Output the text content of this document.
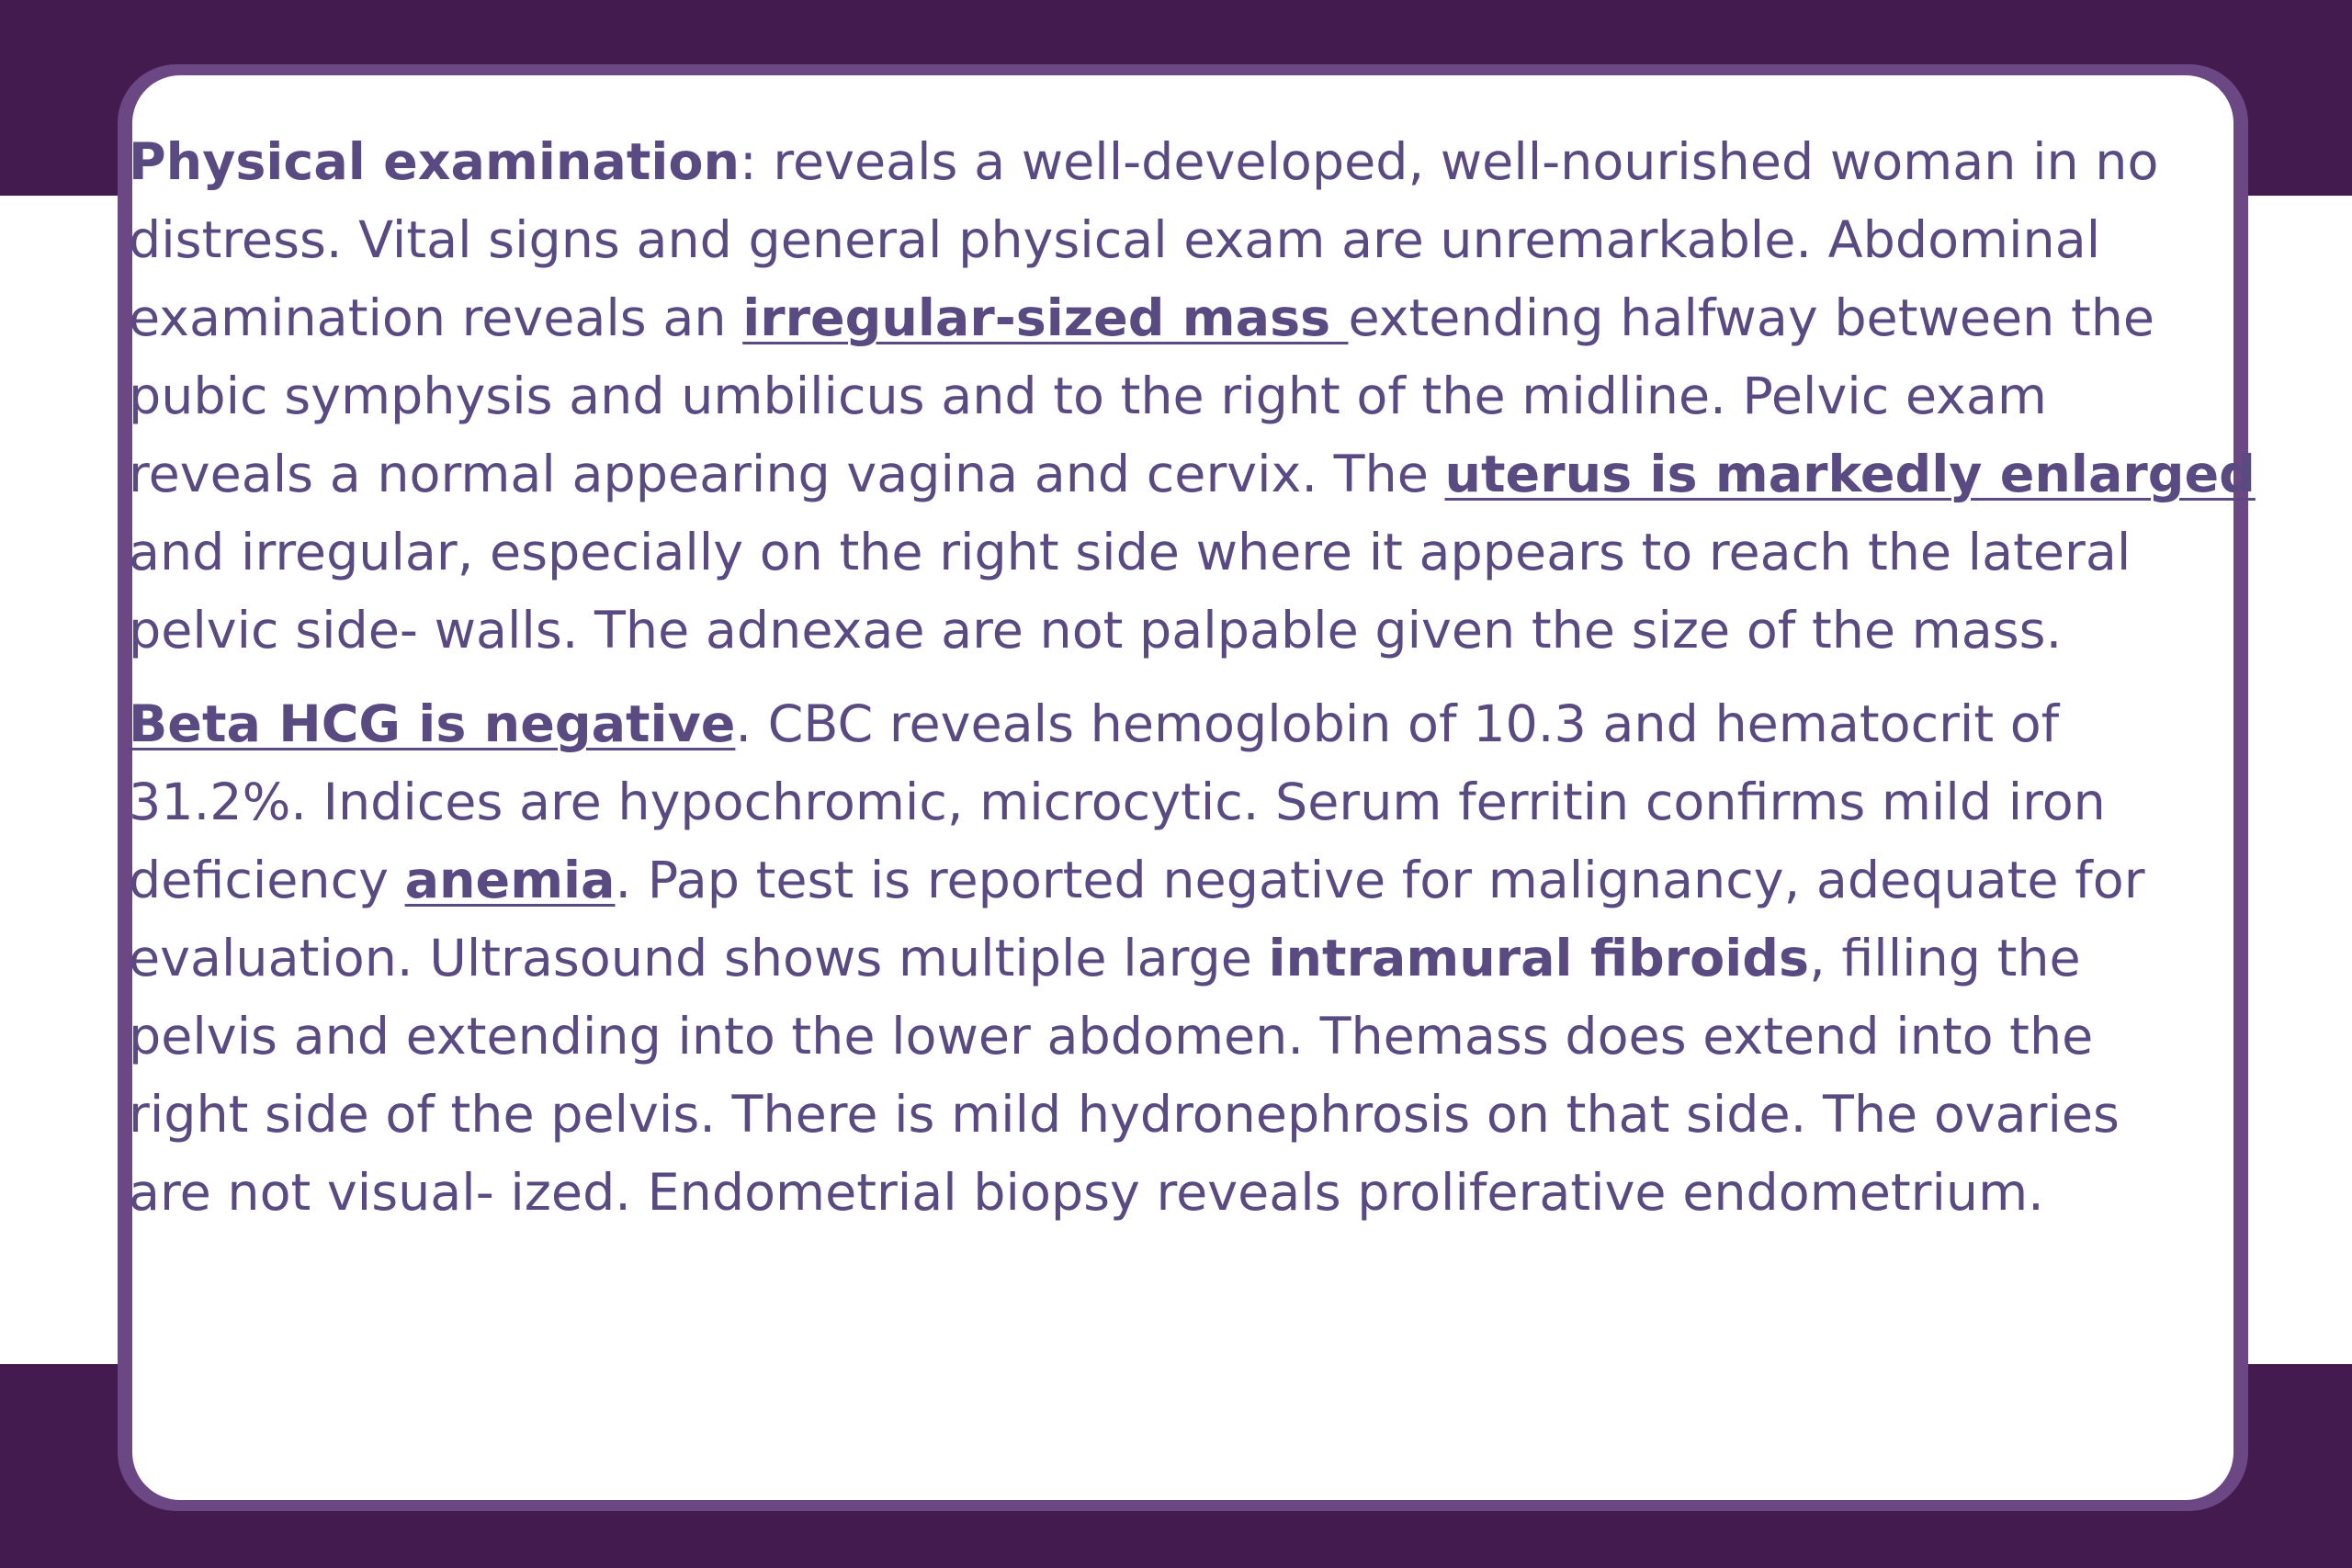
Physical examination: reveals a well-developed, well-nourished woman in no

distress. Vital signs and general physical exam are unremarkable. Abdominal

examination reveals an irregular-sized mass extending halfway between the

pubic symphysis and umbilicus and to the right of the midline. Pelvic exam

reveals a normal appearing vagina and cervix. The uterus is markedly enlarged

and irregular, especially on the right side where it appears to reach the lateral

pelvic side- walls. The adnexae are not palpable given the size of the mass.

Beta HCG is negative. CBC reveals hemoglobin of 10.3 and hematocrit of

31.2%. Indices are hypochromic, microcytic. Serum ferritin confirms mild iron

deficiency anemia. Pap test is reported negative for malignancy, adequate for

evaluation. Ultrasound shows multiple large intramural fibroids, filling the

pelvis and extending into the lower abdomen. Themass does extend into the

right side of the pelvis. There is mild hydronephrosis on that side. The ovaries

are not visual- ized. Endometrial biopsy reveals proliferative endometrium.
